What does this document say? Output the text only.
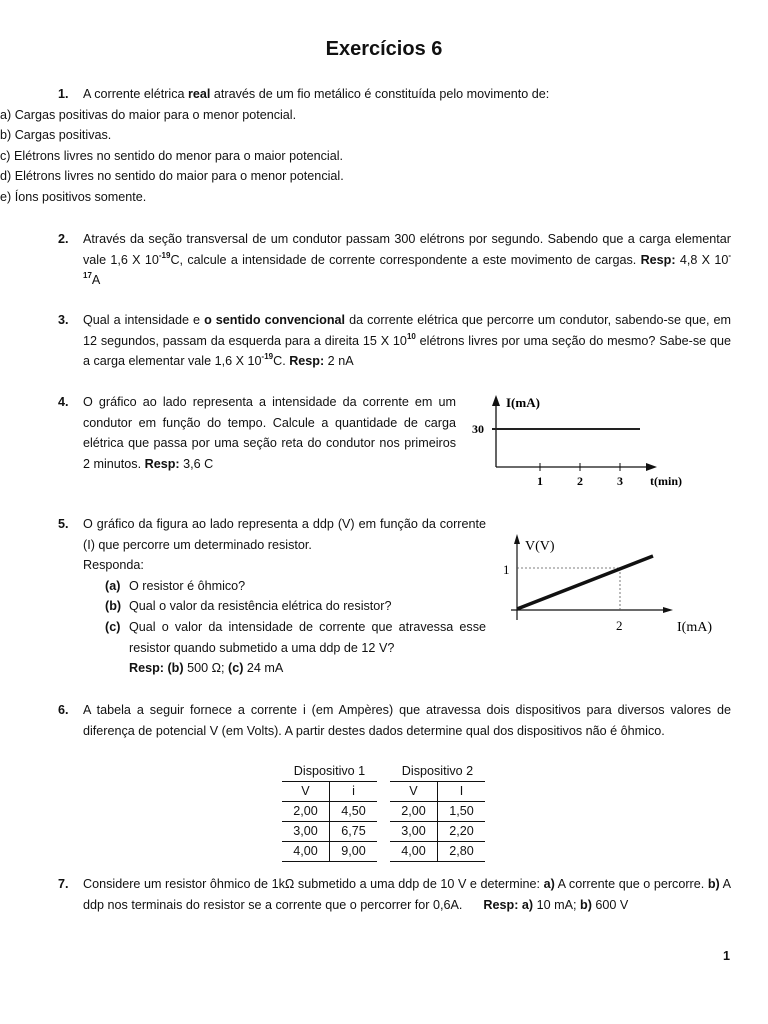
Exercícios 6
1. A corrente elétrica real através de um fio metálico é constituída pelo movimento de:
a) Cargas positivas do maior para o menor potencial.
b) Cargas positivas.
c) Elétrons livres no sentido do menor para o maior potencial.
d) Elétrons livres no sentido do maior para o menor potencial.
e) Íons positivos somente.
2. Através da seção transversal de um condutor passam 300 elétrons por segundo. Sabendo que a carga elementar vale 1,6 X $10^{-19}C$, calcule a intensidade de corrente correspondente a este movimento de cargas. Resp: 4,8 X $10^{-17}A$
3. Qual a intensidade e o sentido convencional da corrente elétrica que percorre um condutor, sabendo-se que, em 12 segundos, passam da esquerda para a direita 15 X $10^{10}$ elétrons livres por uma seção do mesmo? Sabe-se que a carga elementar vale 1,6 X $10^{-19}C$. Resp: 2 nA
4. O gráfico ao lado representa a intensidade da corrente em um condutor em função do tempo. Calcule a quantidade de carga elétrica que passa por uma seção reta do condutor nos primeiros 2 minutos. Resp: 3,6 C
I(mA)
30
1	2	3 t(min)
5. O gráfico da figura ao lado representa a ddp (V) em função da corrente (I) que percorre um determinado resistor.
Responda:
(a) O resistor é ôhmico?
(b) Qual o valor da resistência elétrica do resistor?
(c) Qual o valor da intensidade de corrente que atravessa esse resistor quando submetido a uma ddp de 12 V?
Resp: (b) 500 Ω; (c) 24 mA
V(V)
1
2	I(mA)
6. A tabela a seguir fornece a corrente i (em Ampères) que atravessa dois dispositivos para diversos valores de diferença de potencial V (em Volts). A partir destes dados determine qual dos dispositivos não é ôhmico.
Dispositivo 1	
V	i
2,00	4,50
3,00	6,75
4,00	9,00
Dispositivo 2	
V	I
2,00	1,50
3,00	2,20
4,00	2,80
7. Considere um resistor ôhmico de 1kΩ submetido a uma ddp de 10 V e determine: a) A corrente que o percorre. b) A ddp nos terminais do resistor se a corrente que o percorrer for 0,6A.      Resp: a) 10 mA; b) 600 V
1
